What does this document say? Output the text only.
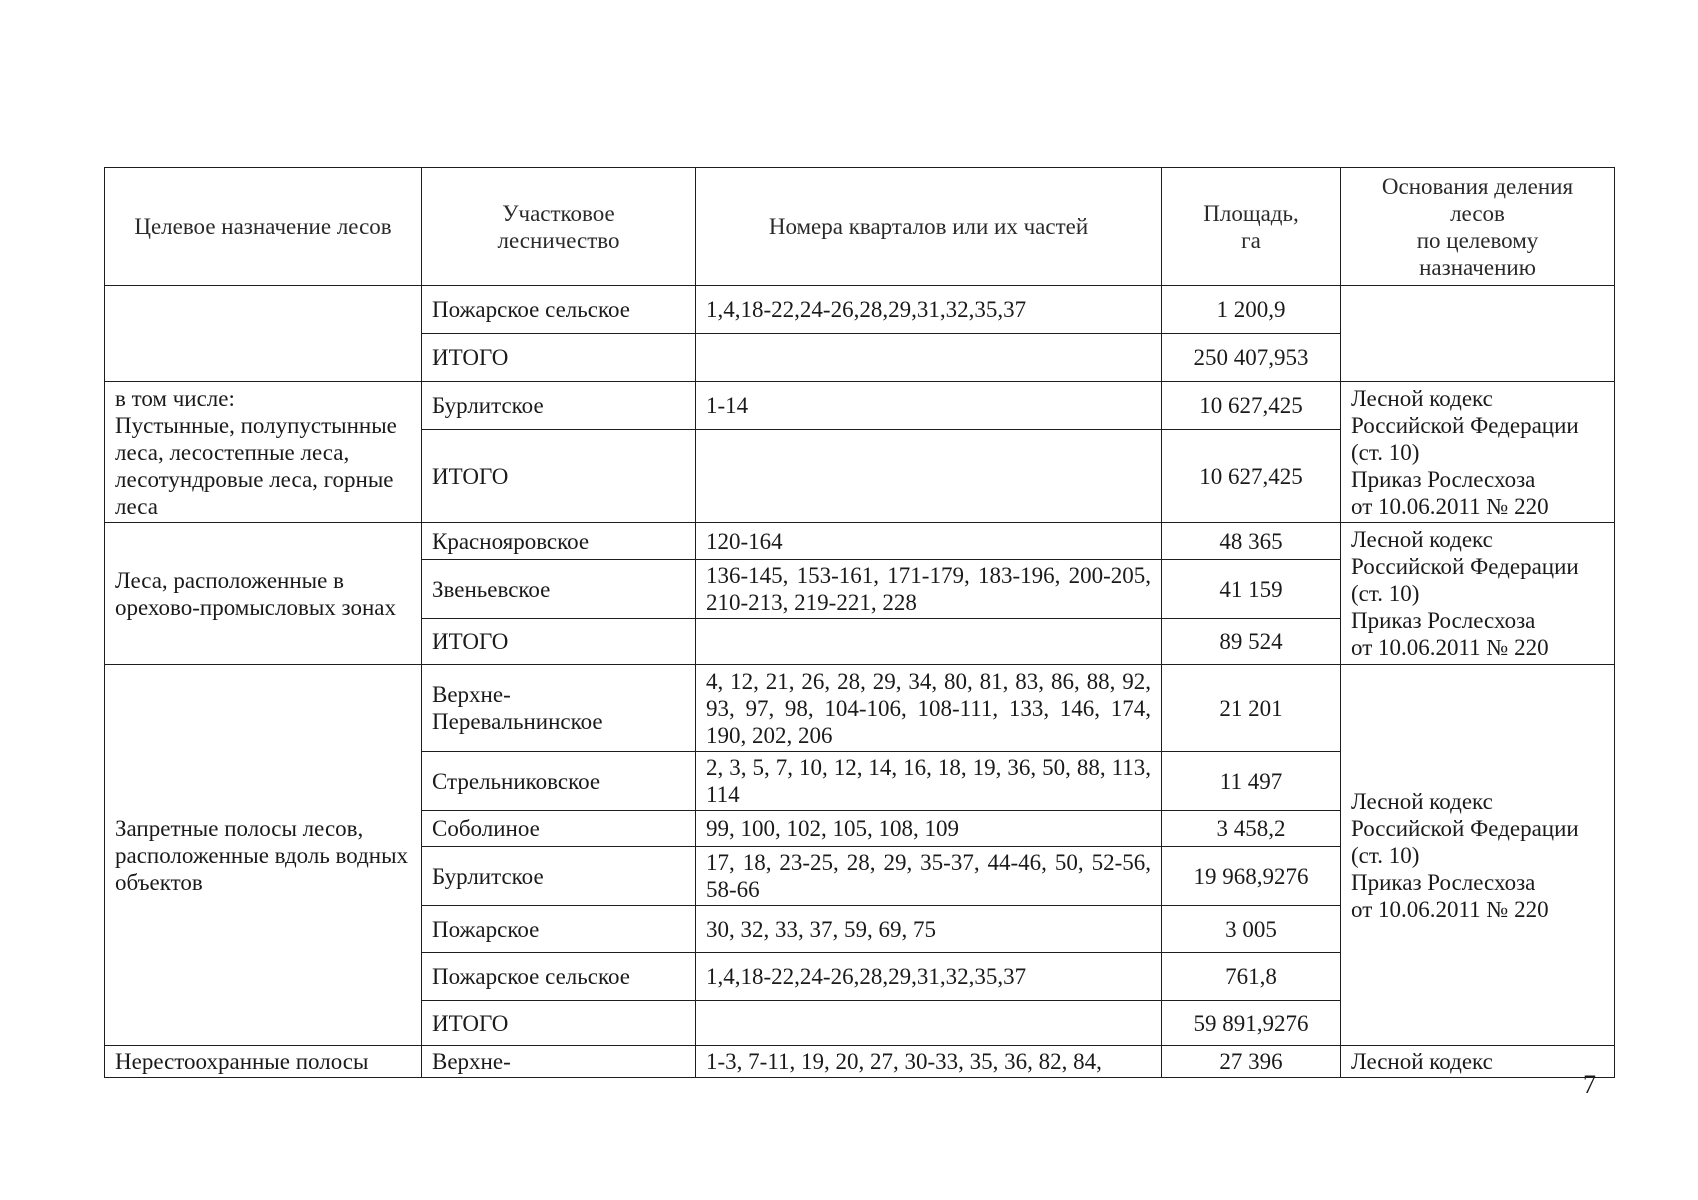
Целевое назначение лесов	Участковое
лесничество	Номера кварталов или их частей	Площадь,
га	Основания деления
лесов
по целевому
назначению
	Пожарское сельское	1,4,18-22,24-26,28,29,31,32,35,37	1 200,9	
	ИТОГО		250 407,953	
в том числе:
Пустынные, полупустынные леса, лесостепные леса, лесотундровые леса, горные леса	Бурлитское	1-14	10 627,425	Лесной кодекс
Российской Федерации
(ст. 10)
Приказ Рослесхоза
от 10.06.2011 № 220
	ИТОГО		10 627,425	
Леса, расположенные в орехово-промысловых зонах	Краснояровское	120-164	48 365	Лесной кодекс
Российской Федерации
(ст. 10)
Приказ Рослесхоза
от 10.06.2011 № 220
	Звеньевское	136-145, 153-161, 171-179, 183-196, 200-205, 210-213, 219-221, 228	41 159	
	ИТОГО		89 524	
Запретные полосы лесов, расположенные вдоль водных объектов	Верхне-
Перевальнинское	4, 12, 21, 26, 28, 29, 34, 80, 81, 83, 86, 88, 92, 93, 97, 98, 104-106, 108-111, 133, 146, 174, 190, 202, 206	21 201	Лесной кодекс
Российской Федерации
(ст. 10)
Приказ Рослесхоза
от 10.06.2011 № 220
	Стрельниковское	2, 3, 5, 7, 10, 12, 14, 16, 18, 19, 36, 50, 88, 113, 114	11 497	
	Соболиное	99, 100, 102, 105, 108, 109	3 458,2	
	Бурлитское	17, 18, 23-25, 28, 29, 35-37, 44-46, 50, 52-56, 58-66	19 968,9276	
	Пожарское	30, 32, 33, 37, 59, 69, 75	3 005	
	Пожарское сельское	1,4,18-22,24-26,28,29,31,32,35,37	761,8	
	ИТОГО		59 891,9276	
Нерестоохранные полосы	Верхне-	1-3, 7-11, 19, 20, 27, 30-33, 35, 36, 82, 84,	27 396	Лесной кодекс
7
